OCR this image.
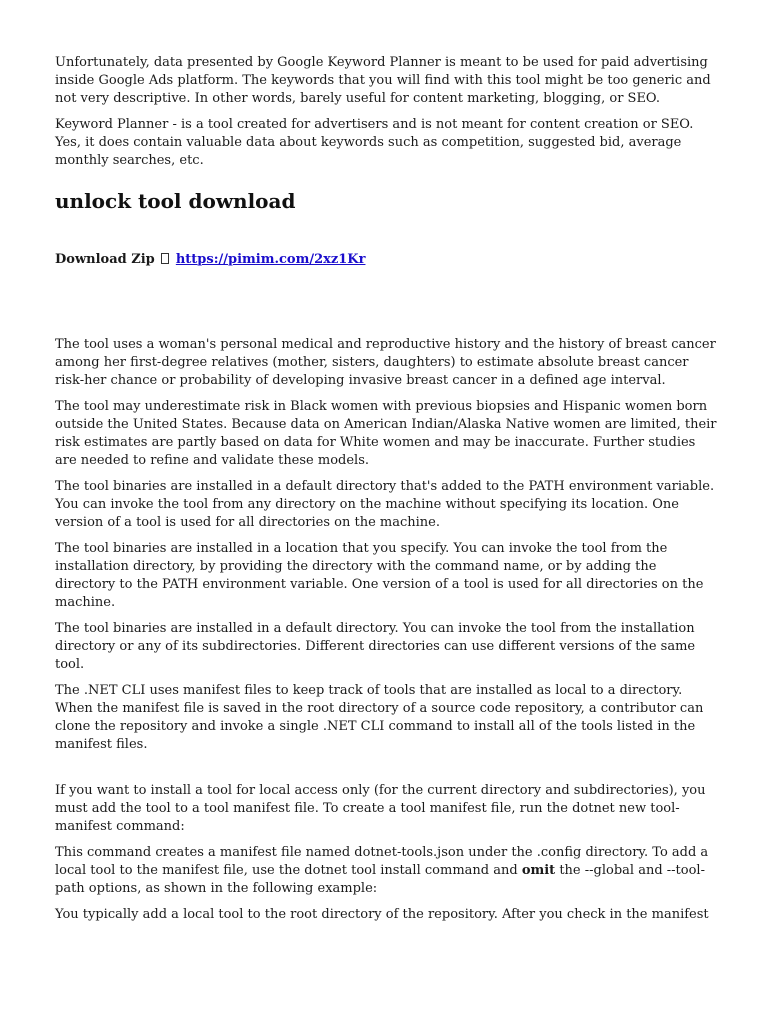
Unfortunately, data presented by Google Keyword Planner is meant to be used for paid advertising inside Google Ads platform. The keywords that you will find with this tool might be too generic and not very descriptive. In other words, barely useful for content marketing, blogging, or SEO.

Keyword Planner - is a tool created for advertisers and is not meant for content creation or SEO. Yes, it does contain valuable data about keywords such as competition, suggested bid, average monthly searches, etc.

unlock tool download
Download Zip https://pimim.com/2xz1Kr

The tool uses a woman's personal medical and reproductive history and the history of breast cancer among her first-degree relatives (mother, sisters, daughters) to estimate absolute breast cancer risk-her chance or probability of developing invasive breast cancer in a defined age interval.

The tool may underestimate risk in Black women with previous biopsies and Hispanic women born outside the United States. Because data on American Indian/Alaska Native women are limited, their risk estimates are partly based on data for White women and may be inaccurate. Further studies are needed to refine and validate these models.

The tool binaries are installed in a default directory that's added to the PATH environment variable. You can invoke the tool from any directory on the machine without specifying its location. One version of a tool is used for all directories on the machine.

The tool binaries are installed in a location that you specify. You can invoke the tool from the installation directory, by providing the directory with the command name, or by adding the directory to the PATH environment variable. One version of a tool is used for all directories on the machine.

The tool binaries are installed in a default directory. You can invoke the tool from the installation directory or any of its subdirectories. Different directories can use different versions of the same tool.

The .NET CLI uses manifest files to keep track of tools that are installed as local to a directory. When the manifest file is saved in the root directory of a source code repository, a contributor can clone the repository and invoke a single .NET CLI command to install all of the tools listed in the manifest files.

If you want to install a tool for local access only (for the current directory and subdirectories), you must add the tool to a tool manifest file. To create a tool manifest file, run the dotnet new tool-manifest command:

This command creates a manifest file named dotnet-tools.json under the .config directory. To add a local tool to the manifest file, use the dotnet tool install command and omit the --global and --tool-path options, as shown in the following example:

You typically add a local tool to the root directory of the repository. After you check in the manifest
